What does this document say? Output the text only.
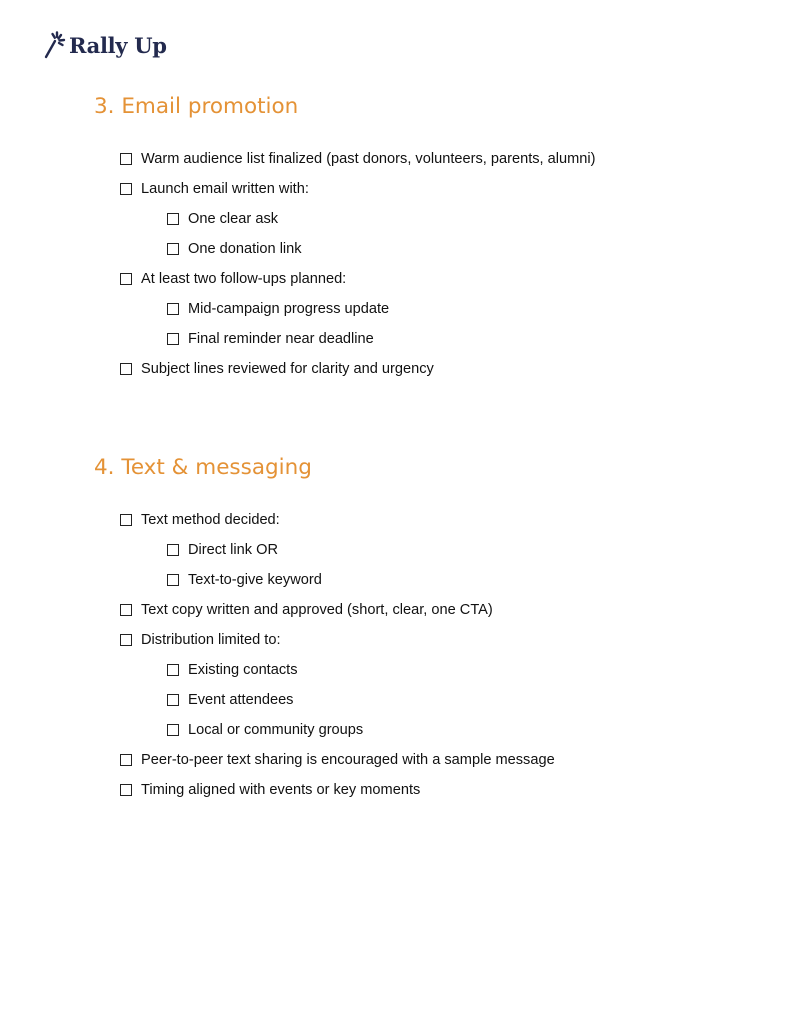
Rally Up
3. Email promotion
Warm audience list finalized (past donors, volunteers, parents, alumni)
Launch email written with:
One clear ask
One donation link
At least two follow-ups planned:
Mid-campaign progress update
Final reminder near deadline
Subject lines reviewed for clarity and urgency
4. Text & messaging
Text method decided:
Direct link OR
Text-to-give keyword
Text copy written and approved (short, clear, one CTA)
Distribution limited to:
Existing contacts
Event attendees
Local or community groups
Peer-to-peer text sharing is encouraged with a sample message
Timing aligned with events or key moments
